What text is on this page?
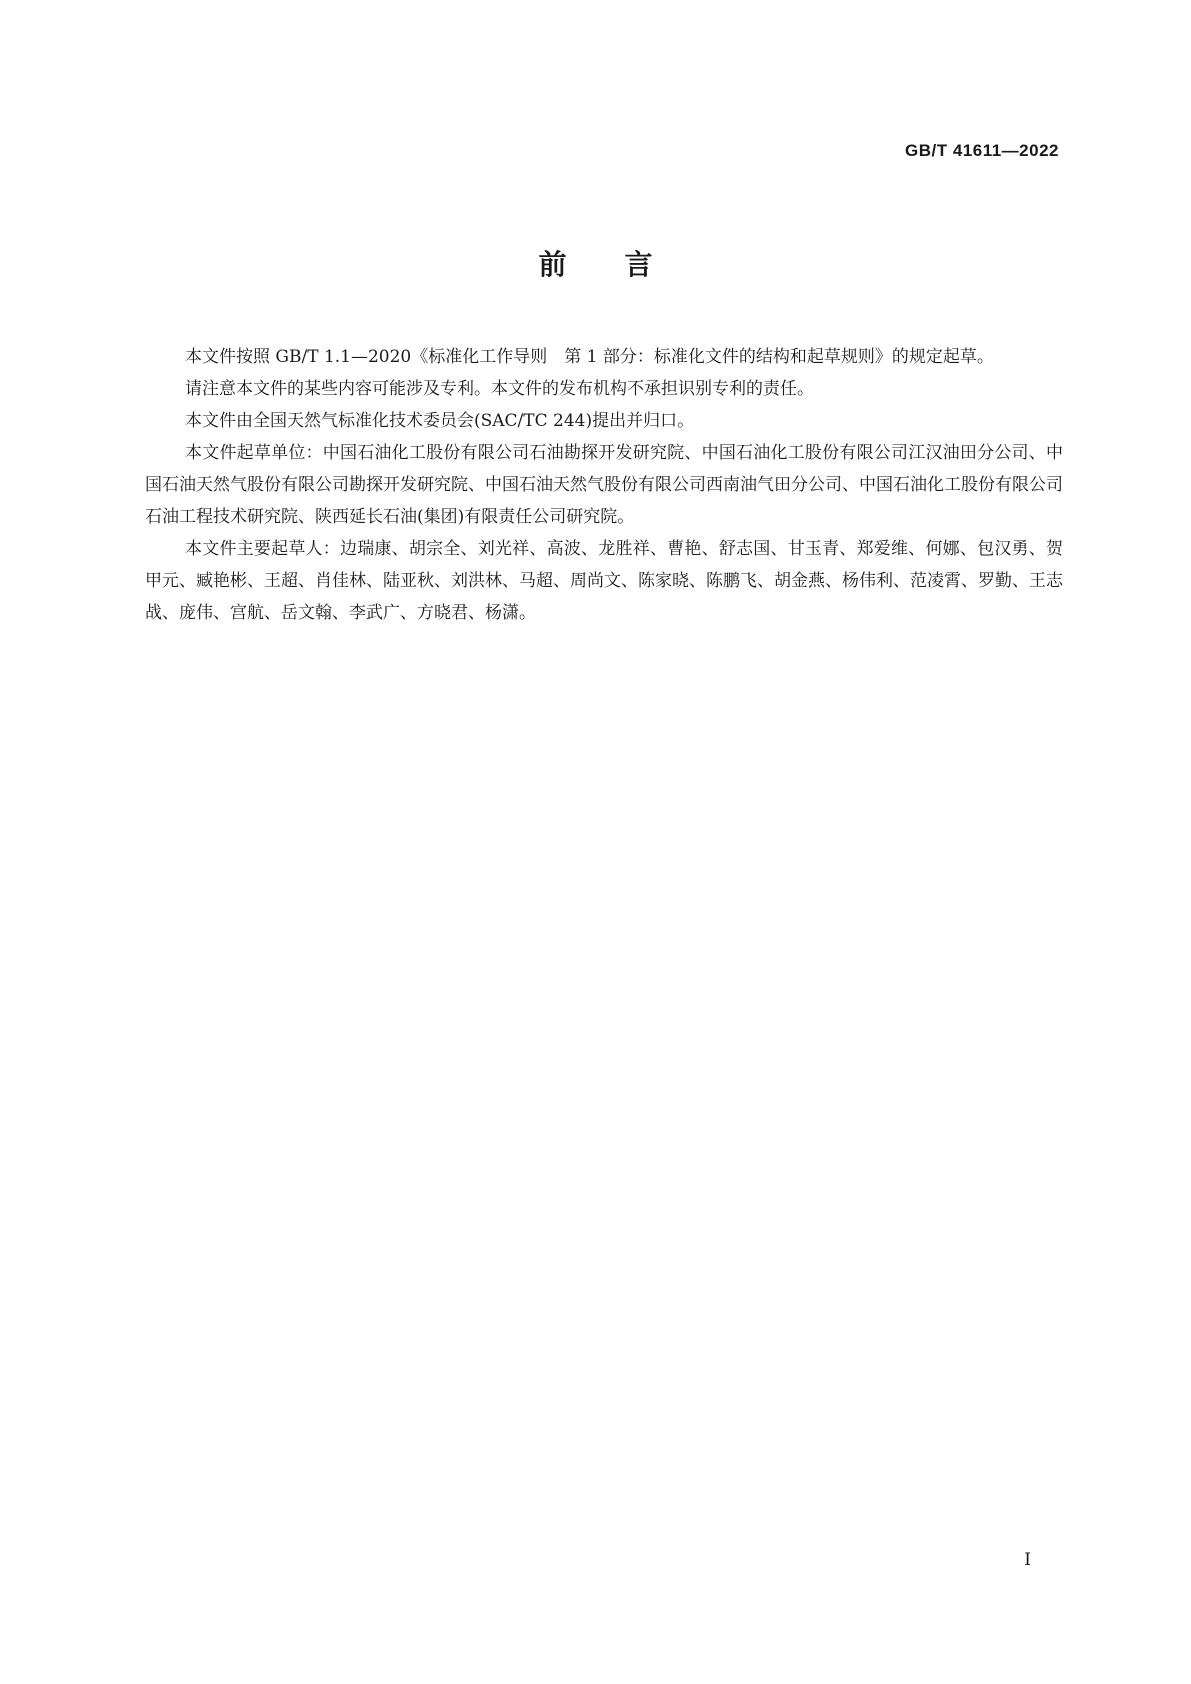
GB/T 41611—2022
前言

本文件按照 GB/T 1.1—2020《标准化工作导则　第 1 部分：标准化文件的结构和起草规则》的规定起草。

请注意本文件的某些内容可能涉及专利。本文件的发布机构不承担识别专利的责任。

本文件由全国天然气标准化技术委员会(SAC/TC 244)提出并归口。

本文件起草单位：中国石油化工股份有限公司石油勘探开发研究院、中国石油化工股份有限公司江汉油田分公司、中国石油天然气股份有限公司勘探开发研究院、中国石油天然气股份有限公司西南油气田分公司、中国石油化工股份有限公司石油工程技术研究院、陕西延长石油(集团)有限责任公司研究院。

本文件主要起草人：边瑞康、胡宗全、刘光祥、高波、龙胜祥、曹艳、舒志国、甘玉青、郑爱维、何娜、包汉勇、贺甲元、臧艳彬、王超、肖佳林、陆亚秋、刘洪林、马超、周尚文、陈家晓、陈鹏飞、胡金燕、杨伟利、范凌霄、罗勤、王志战、庞伟、宫航、岳文翰、李武广、方晓君、杨潇。

I
